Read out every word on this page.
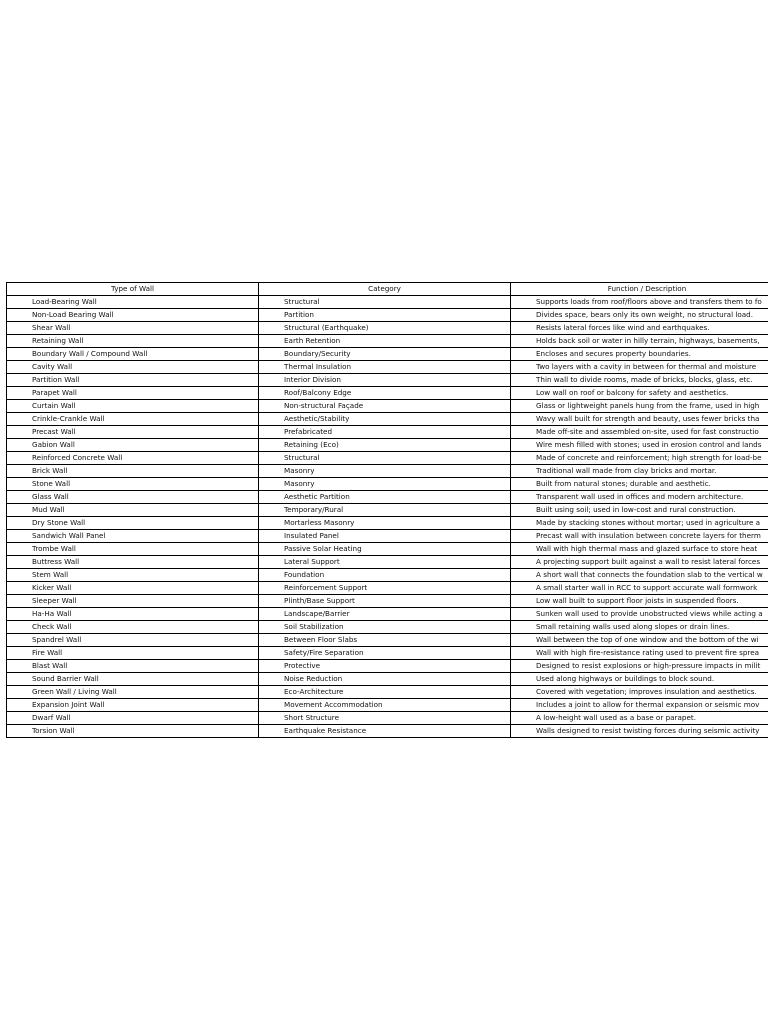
Type of Wall	Category	Function / Description
Load-Bearing Wall	Structural	Supports loads from roof/floors above and transfers them to fo
Non-Load Bearing Wall	Partition	Divides space, bears only its own weight, no structural load.
Shear Wall	Structural (Earthquake)	Resists lateral forces like wind and earthquakes.
Retaining Wall	Earth Retention	Holds back soil or water in hilly terrain, highways, basements,
Boundary Wall / Compound Wall	Boundary/Security	Encloses and secures property boundaries.
Cavity Wall	Thermal Insulation	Two layers with a cavity in between for thermal and moisture
Partition Wall	Interior Division	Thin wall to divide rooms, made of bricks, blocks, glass, etc.
Parapet Wall	Roof/Balcony Edge	Low wall on roof or balcony for safety and aesthetics.
Curtain Wall	Non-structural Façade	Glass or lightweight panels hung from the frame, used in high
Crinkle-Crankle Wall	Aesthetic/Stability	Wavy wall built for strength and beauty, uses fewer bricks tha
Precast Wall	Prefabricated	Made off-site and assembled on-site, used for fast constructio
Gabion Wall	Retaining (Eco)	Wire mesh filled with stones; used in erosion control and lands
Reinforced Concrete Wall	Structural	Made of concrete and reinforcement; high strength for load-be
Brick Wall	Masonry	Traditional wall made from clay bricks and mortar.
Stone Wall	Masonry	Built from natural stones; durable and aesthetic.
Glass Wall	Aesthetic Partition	Transparent wall used in offices and modern architecture.
Mud Wall	Temporary/Rural	Built using soil; used in low-cost and rural construction.
Dry Stone Wall	Mortarless Masonry	Made by stacking stones without mortar; used in agriculture a
Sandwich Wall Panel	Insulated Panel	Precast wall with insulation between concrete layers for therm
Trombe Wall	Passive Solar Heating	Wall with high thermal mass and glazed surface to store heat
Buttress Wall	Lateral Support	A projecting support built against a wall to resist lateral forces
Stem Wall	Foundation	A short wall that connects the foundation slab to the vertical w
Kicker Wall	Reinforcement Support	A small starter wall in RCC to support accurate wall formwork
Sleeper Wall	Plinth/Base Support	Low wall built to support floor joists in suspended floors.
Ha-Ha Wall	Landscape/Barrier	Sunken wall used to provide unobstructed views while acting a
Check Wall	Soil Stabilization	Small retaining walls used along slopes or drain lines.
Spandrel Wall	Between Floor Slabs	Wall between the top of one window and the bottom of the wi
Fire Wall	Safety/Fire Separation	Wall with high fire-resistance rating used to prevent fire sprea
Blast Wall	Protective	Designed to resist explosions or high-pressure impacts in milit
Sound Barrier Wall	Noise Reduction	Used along highways or buildings to block sound.
Green Wall / Living Wall	Eco-Architecture	Covered with vegetation; improves insulation and aesthetics.
Expansion Joint Wall	Movement Accommodation	Includes a joint to allow for thermal expansion or seismic mov
Dwarf Wall	Short Structure	A low-height wall used as a base or parapet.
Torsion Wall	Earthquake Resistance	Walls designed to resist twisting forces during seismic activity
